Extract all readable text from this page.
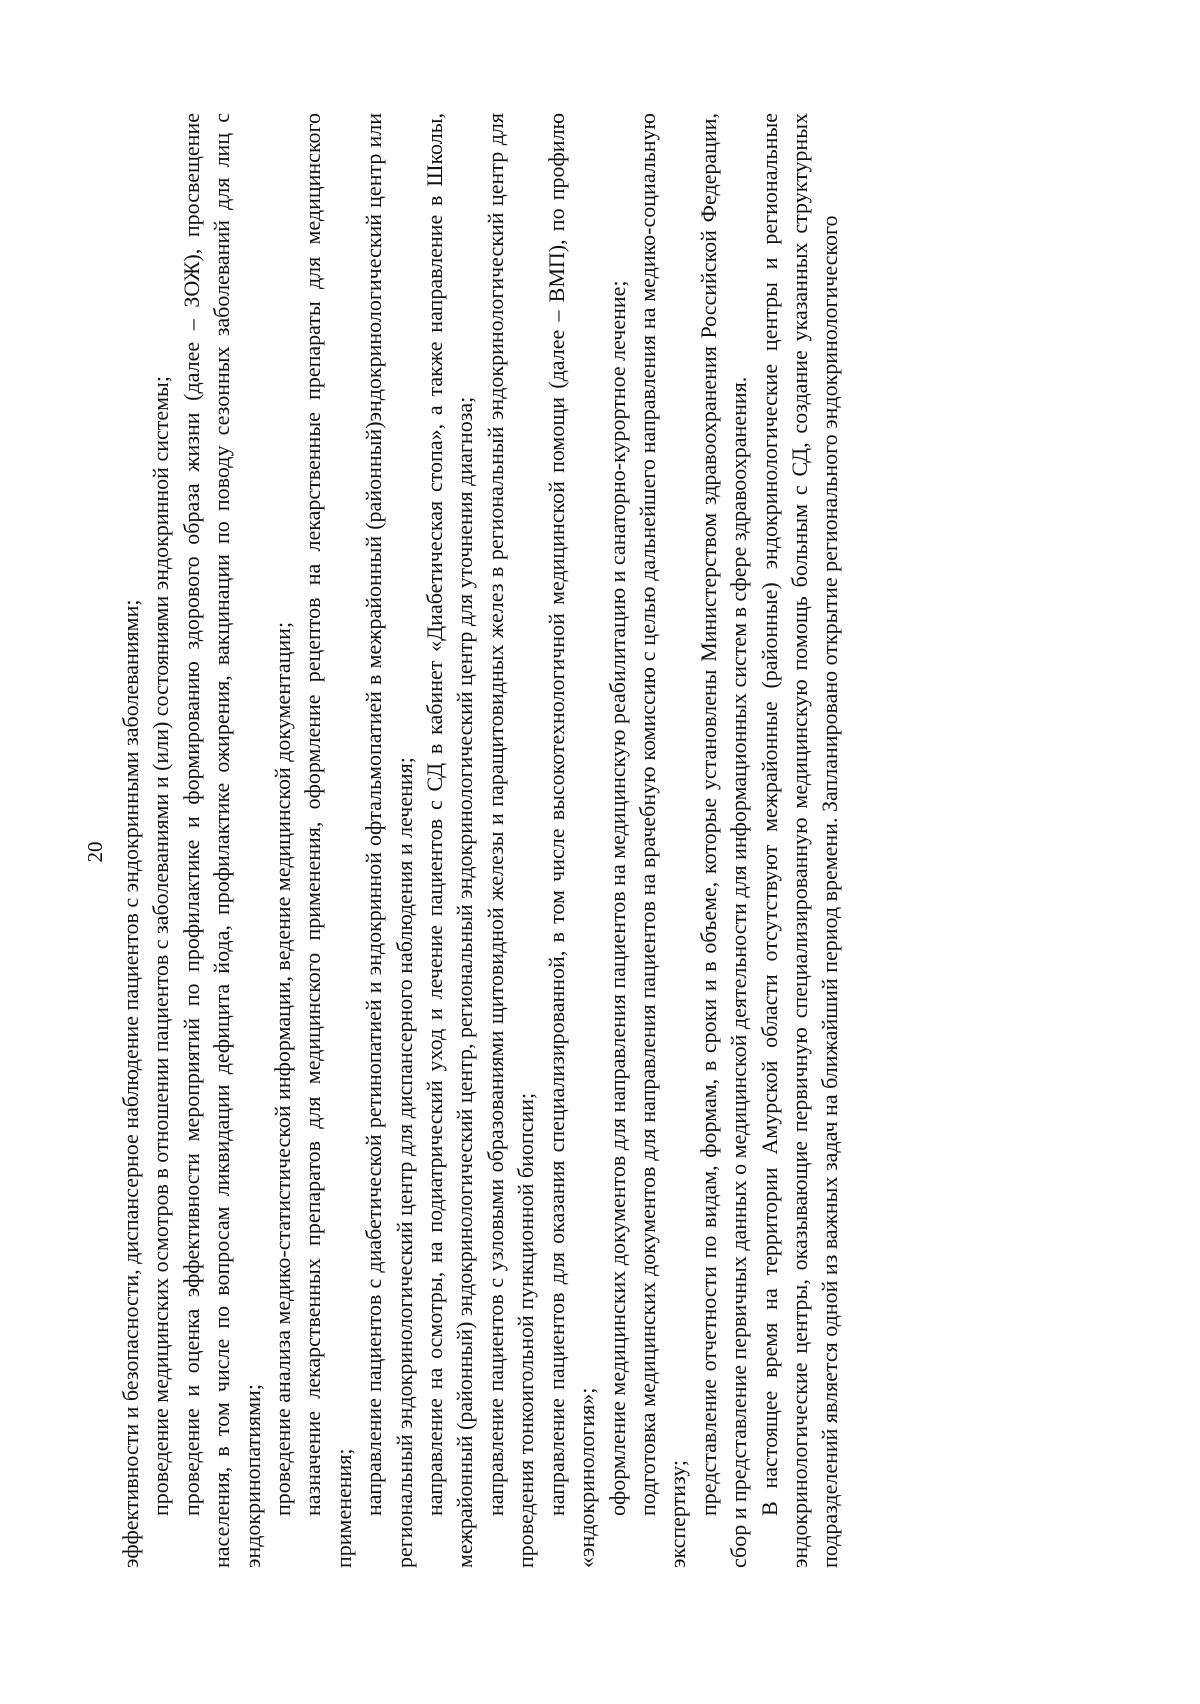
20 эффективности и безопасности, диспансерное наблюдение пациентов с эндокринными заболеваниями; проведение медицинских осмотров в отношении пациентов с заболеваниями и (или) состояниями эндокринной системы; проведение и оценка эффективности мероприятий по профилактике и формированию здорового образа жизни (далее – ЗОЖ), просвещение населения, в том числе по вопросам ликвидации дефицита йода, профилактике ожирения, вакцинации по поводу сезонных заболеваний для лиц с эндокринопатиями; проведение анализа медико-статистической информации, ведение медицинской документации; назначение лекарственных препаратов для медицинского применения, оформление рецептов на лекарственные препараты для медицинского применения; направление пациентов с диабетической ретинопатией и эндокринной офтальмопатией в межрайонный (районный)эндокринологический центр или региональный эндокринологический центр для диспансерного наблюдения и лечения; направление на осмотры, на подиатрический уход и лечение пациентов с СД в кабинет «Диабетическая стопа», а также направление в Школы, межрайонный (районный) эндокринологический центр, региональный эндокринологический центр для уточнения диагноза; направление пациентов с узловыми образованиями щитовидной железы и паращитовидных желез в региональный эндокринологический центр для проведения тонкоигольной пункционной биопсии; направление пациентов для оказания специализированной, в том числе высокотехнологичной медицинской помощи (далее – ВМП), по профилю «эндокринология»; оформление медицинских документов для направления пациентов на медицинскую реабилитацию и санаторно-курортное лечение; подготовка медицинских документов для направления пациентов на врачебную комиссию с целью дальнейшего направления на медико-социальную экспертизу; представление отчетности по видам, формам, в сроки и в объеме, которые установлены Министерством здравоохранения Российской Федерации, сбор и представление первичных данных о медицинской деятельности для информационных систем в сфере здравоохранения. В настоящее время на территории Амурской области отсутствуют межрайонные (районные) эндокринологические центры и региональные эндокринологические центры, оказывающие первичную специализированную медицинскую помощь больным с СД, создание указанных структурных подразделений является одной из важных задач на ближайший период времени. Запланировано открытие регионального эндокринологического
